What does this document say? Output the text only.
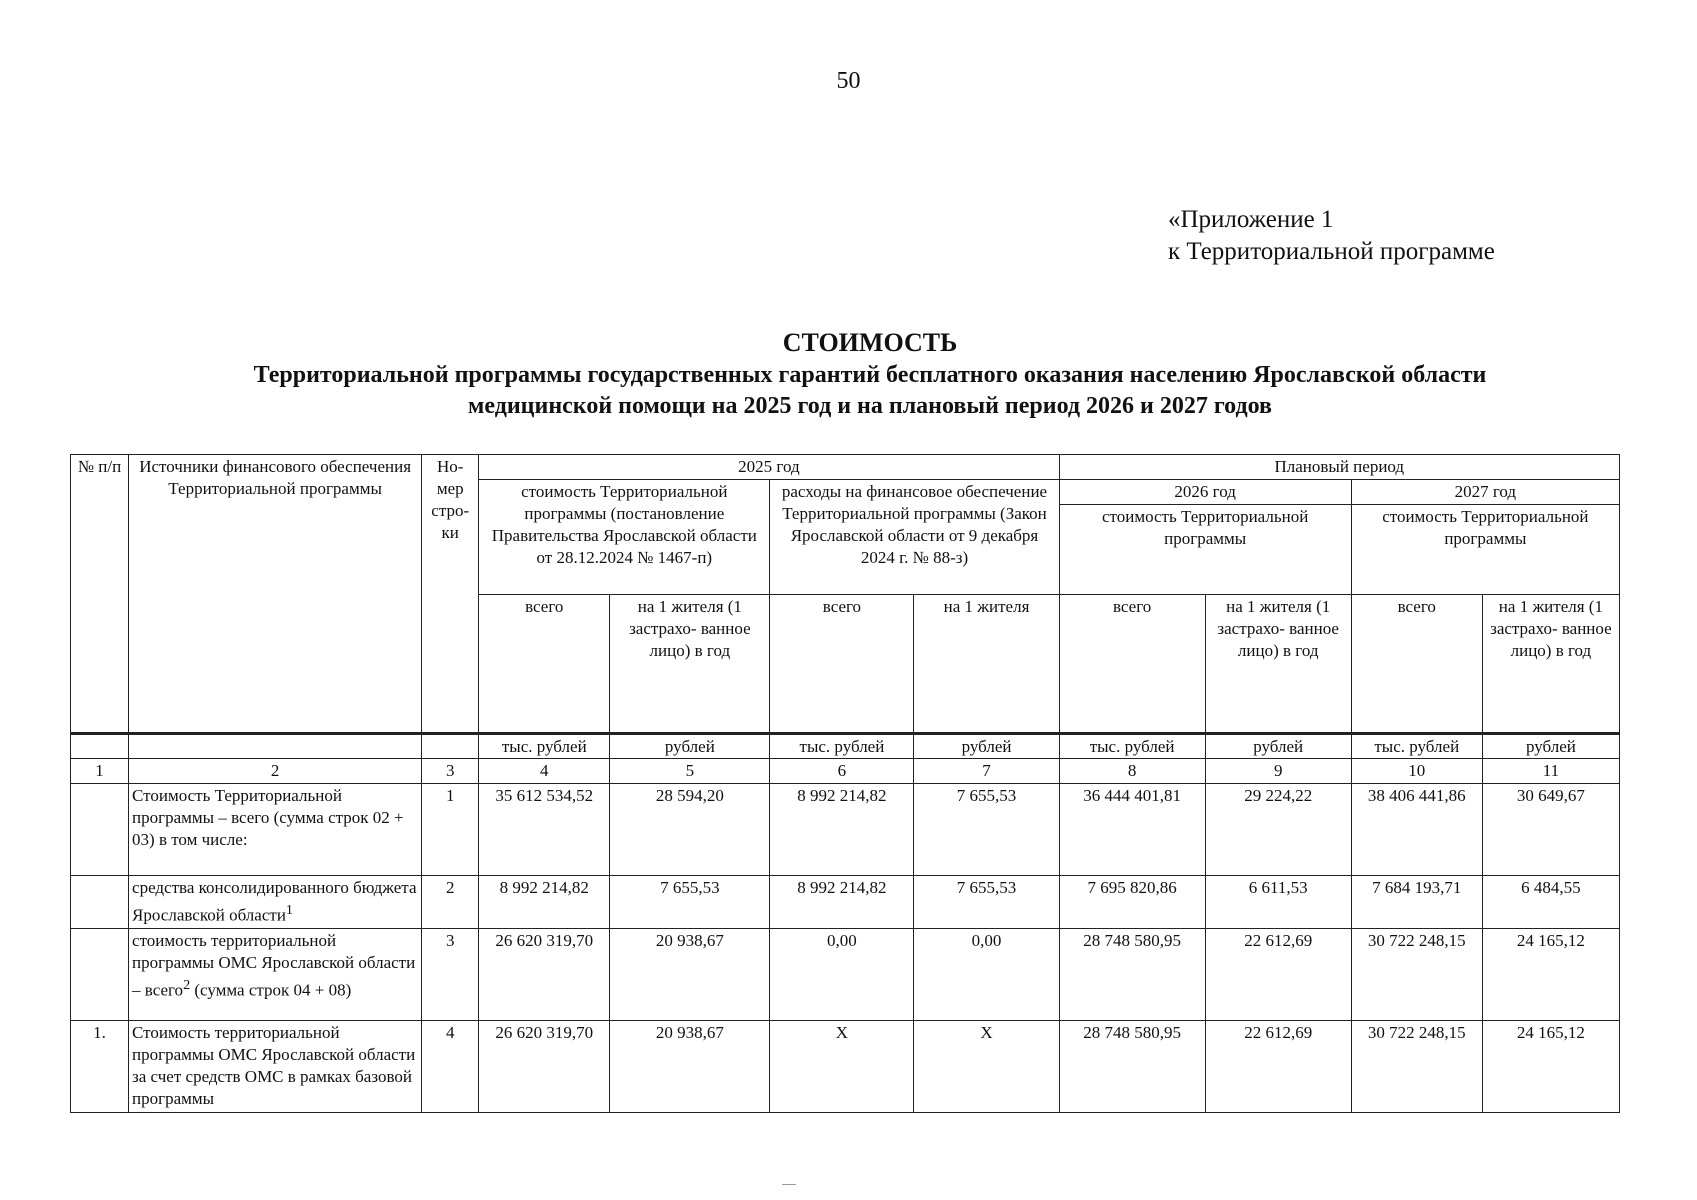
50
«Приложение 1
к Территориальной программе
СТОИМОСТЬ
Территориальной программы государственных гарантий бесплатного оказания населению Ярославской области
медицинской помощи на 2025 год и на плановый период 2026 и 2027 годов
№ п/п	Источники финансового обеспечения Территориальной программы	Но- мер стро- ки	2025 год				Плановый период			
			стоимость Территориальной программы (постановление Правительства Ярославской области от 28.12.2024 № 1467-п)		расходы на финансовое обеспечение Территориальной программы (Закон Ярославской области от 9 декабря 2024 г. № 88-з)		2026 год		2027 год	
							стоимость Территориальной программы		стоимость Территориальной программы	
			всего	на 1 жителя (1 застрахо- ванное лицо) в год	всего	на 1 жителя	всего	на 1 жителя (1 застрахо- ванное лицо) в год	всего	на 1 жителя (1 застрахо- ванное лицо) в год
			тыс. рублей	рублей	тыс. рублей	рублей	тыс. рублей	рублей	тыс. рублей	рублей
1	2	3	4	5	6	7	8	9	10	11
	Стоимость Территориальной программы – всего (сумма строк 02 + 03) в том числе:	1	35 612 534,52	28 594,20	8 992 214,82	7 655,53	36 444 401,81	29 224,22	38 406 441,86	30 649,67
	средства консолидированного бюджета Ярославской области$^1$	2	8 992 214,82	7 655,53	8 992 214,82	7 655,53	7 695 820,86	6 611,53	7 684 193,71	6 484,55
	стоимость территориальной программы ОМС Ярославской области – всего$^2$ (сумма строк 04 + 08)	3	26 620 319,70	20 938,67	0,00	0,00	28 748 580,95	22 612,69	30 722 248,15	24 165,12
1.	Стоимость территориальной программы ОМС Ярославской области за счет средств ОМС в рамках базовой программы	4	26 620 319,70	20 938,67	Х	Х	28 748 580,95	22 612,69	30 722 248,15	24 165,12
